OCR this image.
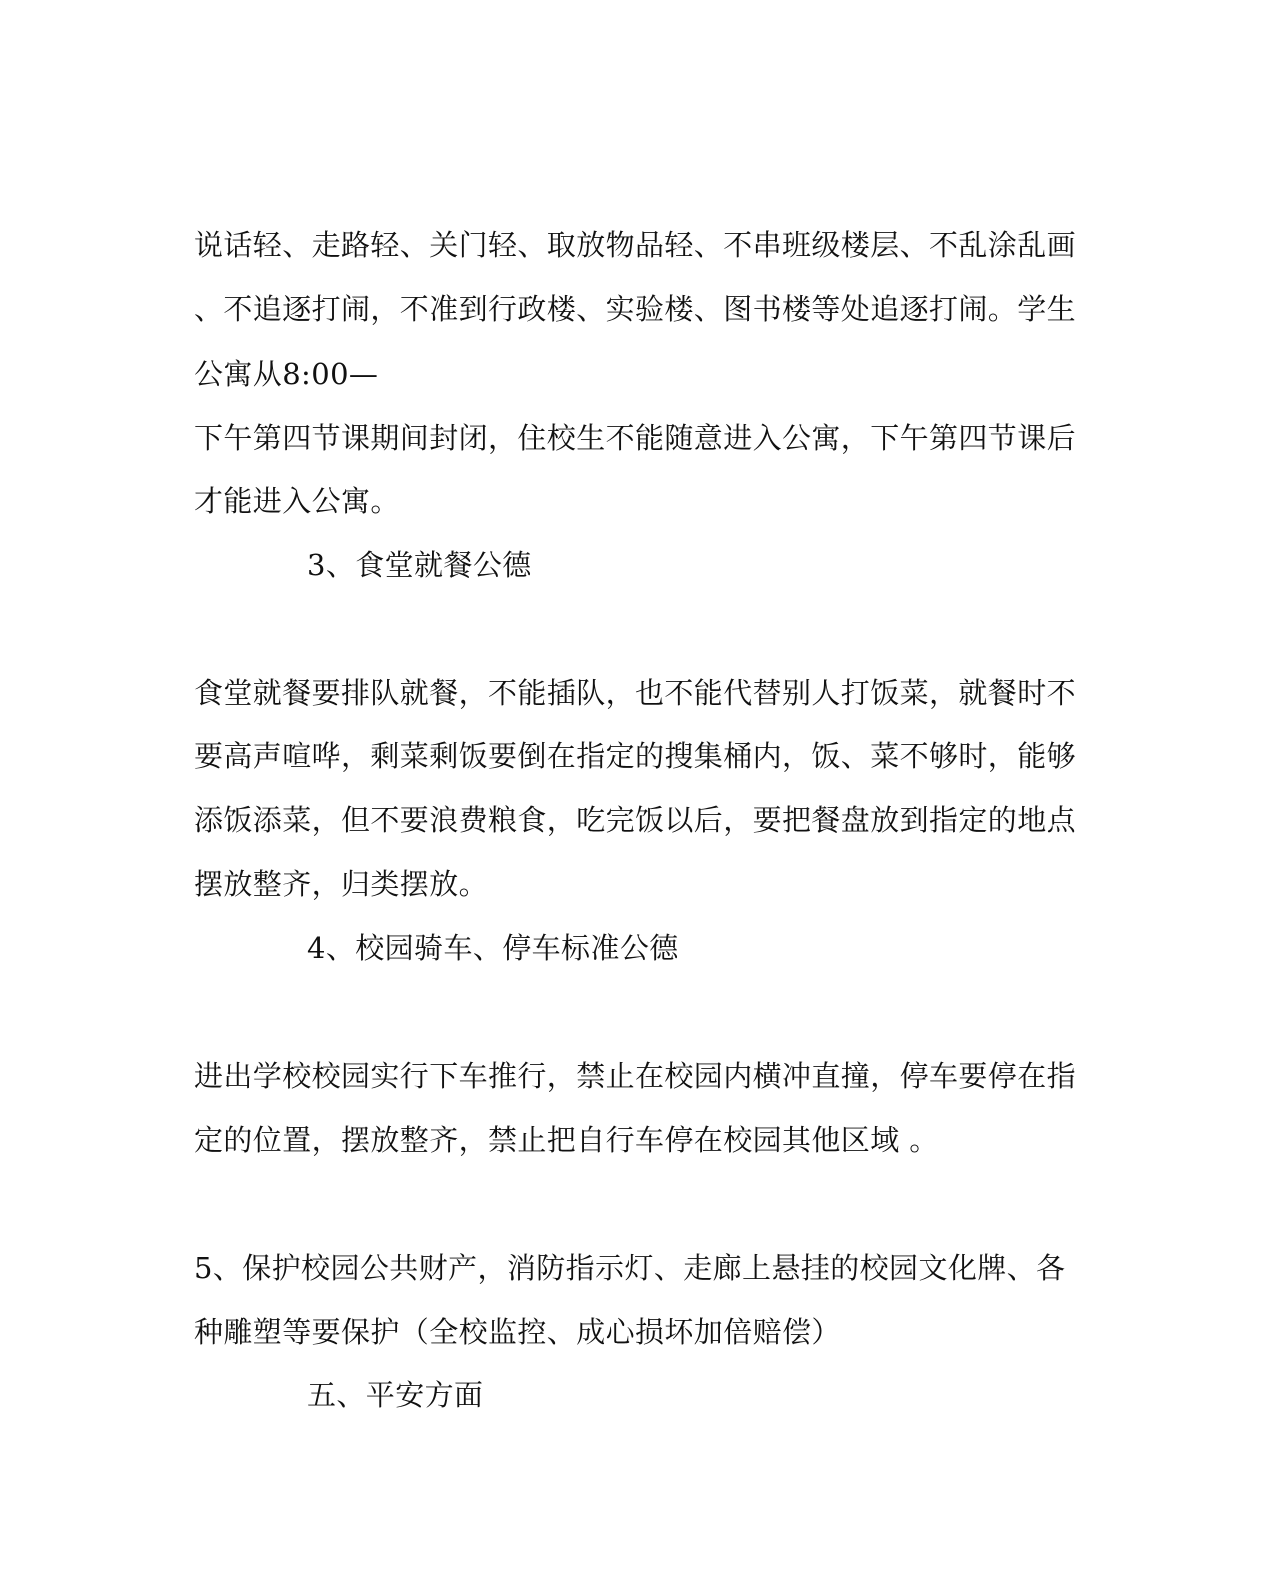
说话轻、走路轻、关门轻、取放物品轻、不串班级楼层、不乱涂乱画
、不追逐打闹，不准到行政楼、实验楼、图书楼等处追逐打闹。学生
公寓从8:00—
下午第四节课期间封闭，住校生不能随意进入公寓，下午第四节课后
才能进入公寓。
3、食堂就餐公德
食堂就餐要排队就餐，不能插队，也不能代替别人打饭菜，就餐时不
要高声喧哗，剩菜剩饭要倒在指定的搜集桶内，饭、菜不够时，能够
添饭添菜，但不要浪费粮食，吃完饭以后，要把餐盘放到指定的地点
摆放整齐，归类摆放。
4、校园骑车、停车标准公德
进出学校校园实行下车推行，禁止在校园内横冲直撞，停车要停在指
定的位置，摆放整齐，禁止把自行车停在校园其他区域 。
5、保护校园公共财产，消防指示灯、走廊上悬挂的校园文化牌、各
种雕塑等要保护（全校监控、成心损坏加倍赔偿）
五、平安方面
